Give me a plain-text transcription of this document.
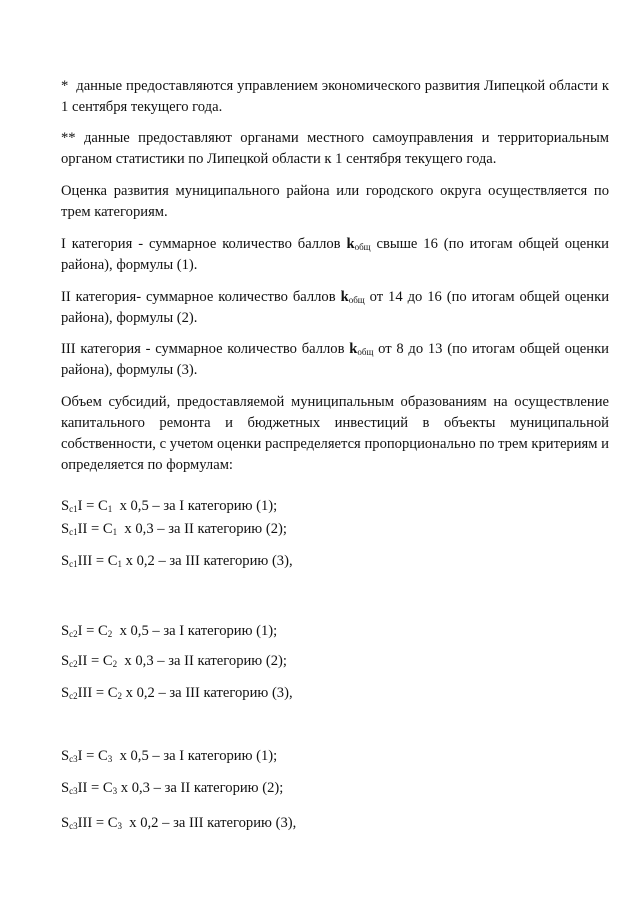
* данные предоставляются управлением экономического развития Липецкой области к 1 сентября текущего года.

** данные предоставляют органами местного самоуправления и территориальным органом статистики по Липецкой области к 1 сентября текущего года.

Оценка развития муниципального района или городского округа осуществляется по трем категориям.

I категория - суммарное количество баллов $k_{общ}$ свыше 16 (по итогам общей оценки района), формулы (1).

II категория- суммарное количество баллов $k_{общ}$ от 14 до 16 (по итогам общей оценки района), формулы (2).

III категория - суммарное количество баллов $k_{общ}$ от 8 до 13 (по итогам общей оценки района), формулы (3).

Объем субсидий, предоставляемой муниципальным образованиям на осуществление капитального ремонта и бюджетных инвестиций в объекты муниципальной собственности, с учетом оценки распределяется пропорционально по трем критериям и определяется по формулам:

$S_{c1}I = C_1$ х 0,5 – за I категорию (1);
$S_{c1}II = C_1$ х 0,3 – за II категорию (2);
$S_{c1}III = C_1$ х 0,2 – за III категорию (3),
$S_{c2}I = C_2$ х 0,5 – за I категорию (1);
$S_{c2}II = C_2$ х 0,3 – за II категорию (2);
$S_{c2}III = C_2$ х 0,2 – за III категорию (3),
$S_{c3}I = C_3$ х 0,5 – за I категорию (1);
$S_{c3}II = C_3$ х 0,3 – за II категорию (2);
$S_{c3}III = C_3$ х 0,2 – за III категорию (3),
